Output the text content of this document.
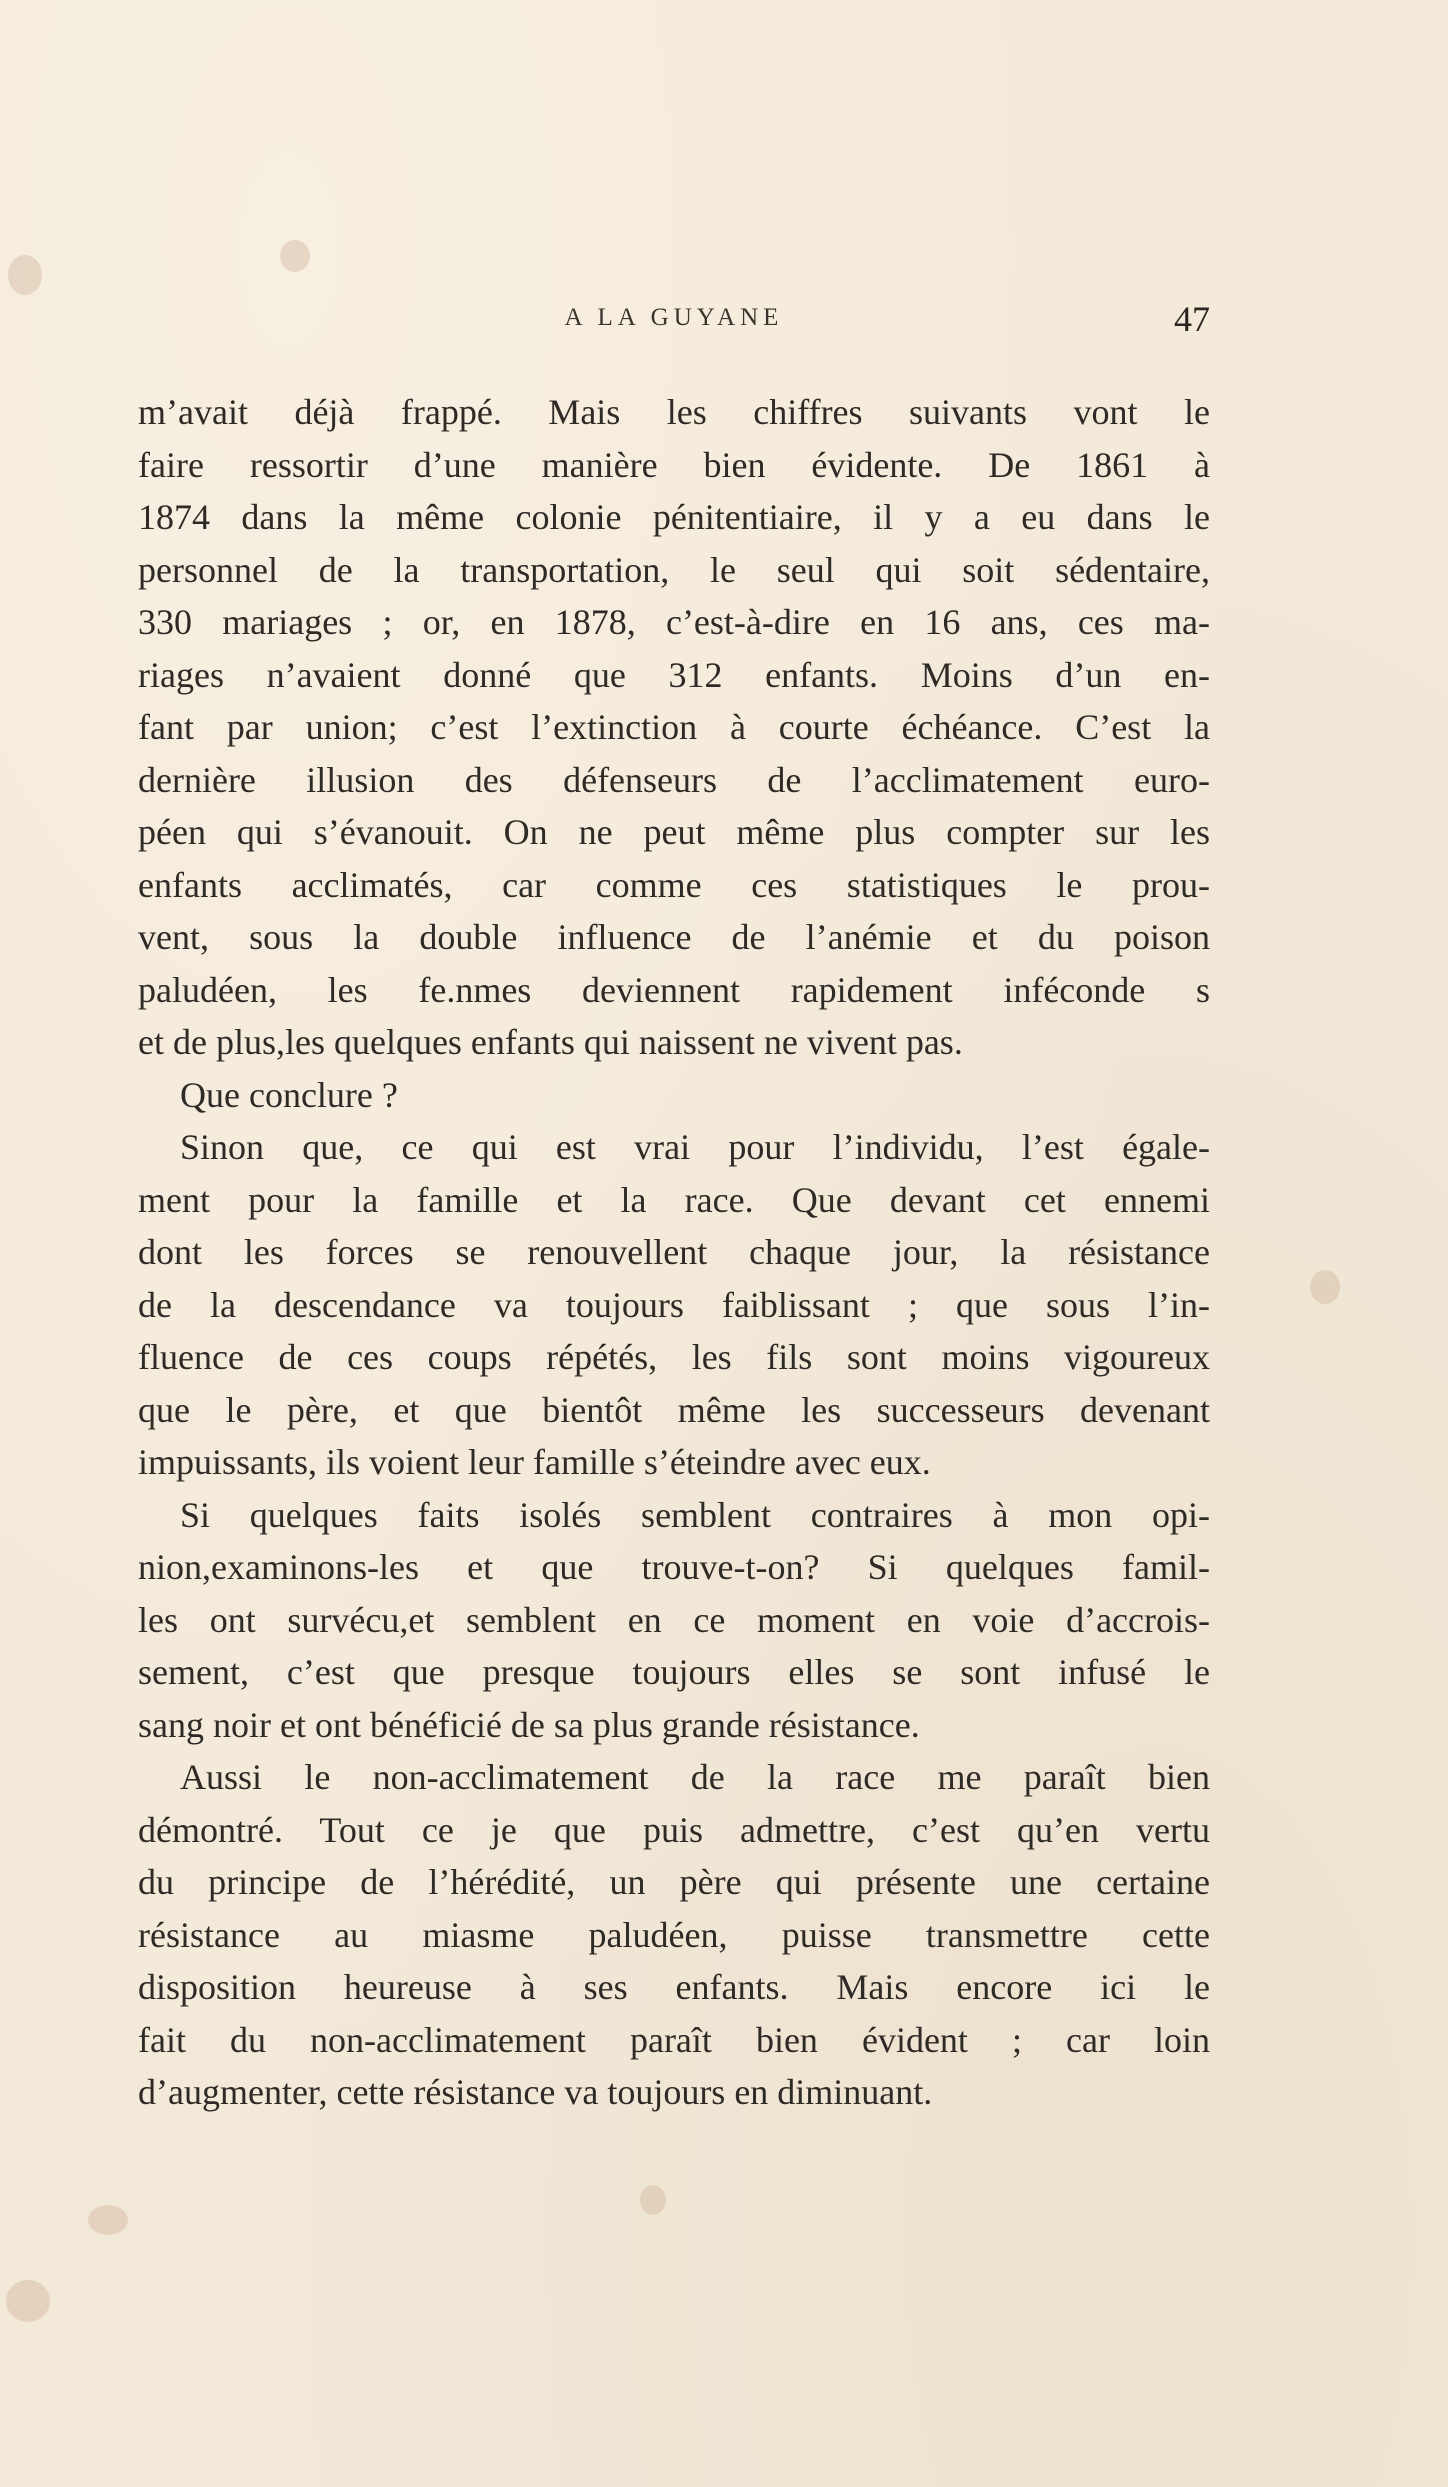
A LA GUYANE	47
m’avait déjà frappé. Mais les chiffres suivants vont le
faire ressortir d’une manière bien évidente. De 1861 à
1874 dans la même colonie pénitentiaire, il y a eu dans le
personnel de la transportation, le seul qui soit sédentaire,
330 mariages ; or, en 1878, c’est-à-dire en 16 ans, ces ma-
riages n’avaient donné que 312 enfants. Moins d’un en-
fant par union; c’est l’extinction à courte échéance. C’est la
dernière illusion des défenseurs de l’acclimatement euro-
péen qui s’évanouit. On ne peut même plus compter sur les
enfants acclimatés, car comme ces statistiques le prou-
vent, sous la double influence de l’anémie et du poison
paludéen, les fe.nmes deviennent rapidement inféconde s
et de plus,les quelques enfants qui naissent ne vivent pas.
Que conclure ?
Sinon que, ce qui est vrai pour l’individu, l’est égale-
ment pour la famille et la race. Que devant cet ennemi
dont les forces se renouvellent chaque jour, la résistance
de la descendance va toujours faiblissant ; que sous l’in-
fluence de ces coups répétés, les fils sont moins vigoureux
que le père, et que bientôt même les successeurs devenant
impuissants, ils voient leur famille s’éteindre avec eux.
Si quelques faits isolés semblent contraires à mon opi-
nion,examinons-les et que trouve-t-on? Si quelques famil-
les ont survécu,et semblent en ce moment en voie d’accrois-
sement, c’est que presque toujours elles se sont infusé le
sang noir et ont bénéficié de sa plus grande résistance.
Aussi le non-acclimatement de la race me paraît bien
démontré. Tout ce je que puis admettre, c’est qu’en vertu
du principe de l’hérédité, un père qui présente une certaine
résistance au miasme paludéen, puisse transmettre cette
disposition heureuse à ses enfants. Mais encore ici le
fait du non-acclimatement paraît bien évident ; car loin
d’augmenter, cette résistance va toujours en diminuant.
